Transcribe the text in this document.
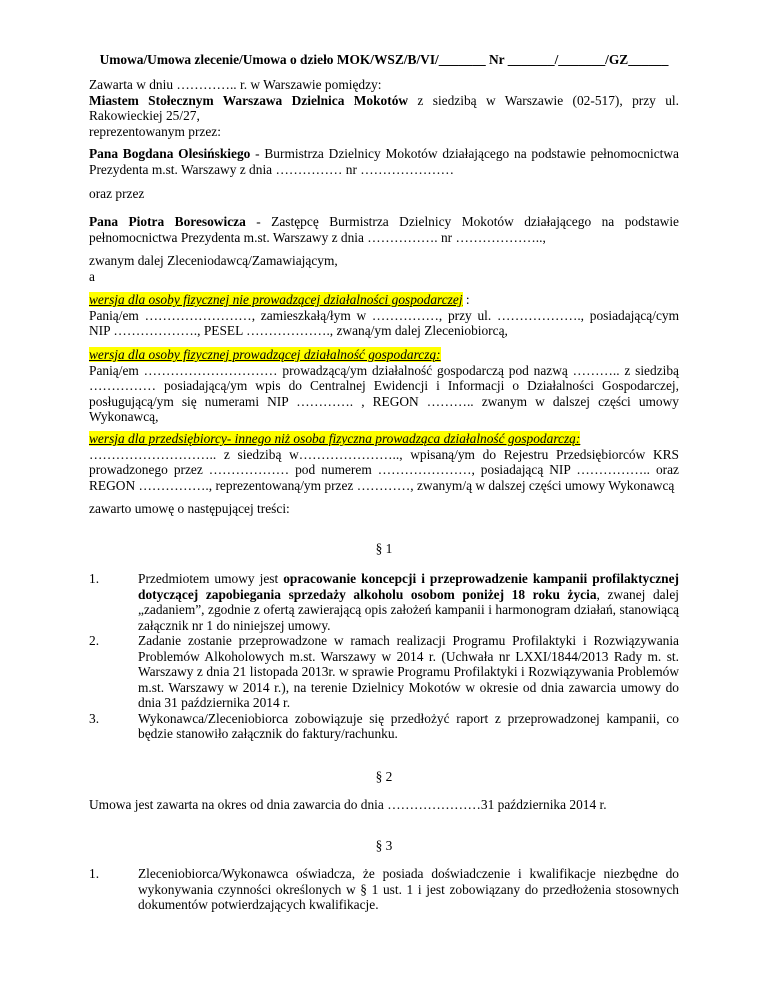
Umowa/Umowa zlecenie/Umowa o dzieło MOK/WSZ/B/VI/_______ Nr _______/_______/GZ______

Zawarta w dniu ………….. r. w Warszawie pomiędzy:

Miastem Stołecznym Warszawa Dzielnica Mokotów z siedzibą w Warszawie (02-517), przy ul. Rakowieckiej 25/27,

reprezentowanym przez:

Pana Bogdana Olesińskiego - Burmistrza Dzielnicy Mokotów działającego na podstawie pełnomocnictwa Prezydenta m.st. Warszawy z dnia …………… nr …………………

oraz przez

Pana Piotra Boresowicza - Zastępcę Burmistrza Dzielnicy Mokotów działającego na podstawie pełnomocnictwa Prezydenta m.st. Warszawy z dnia ……………. nr ………………..,

zwanym dalej Zleceniodawcą/Zamawiającym,

a

wersja dla osoby fizycznej nie prowadzącej działalności gospodarczej :

Panią/em ……………………, zamieszkałą/łym w ……………, przy ul. ………………., posiadającą/cym NIP ………………., PESEL ………………., zwaną/ym dalej Zleceniobiorcą,

wersja dla osoby fizycznej prowadzącej działalność gospodarczą:

Panią/em ………………………… prowadzącą/ym działalność gospodarczą pod nazwą ……….. z siedzibą …………… posiadającą/ym wpis do Centralnej Ewidencji i Informacji o Działalności Gospodarczej, posługującą/ym się numerami NIP …………. , REGON ……….. zwanym w dalszej części umowy Wykonawcą,

wersja dla przedsiębiorcy- innego niż osoba fizyczna prowadząca działalność gospodarczą:

……………………….. z siedzibą w………………….., wpisaną/ym do Rejestru Przedsiębiorców KRS prowadzonego przez ……………… pod numerem …………………, posiadającą NIP …………….. oraz REGON ……………., reprezentowaną/ym przez …………, zwanym/ą w dalszej części umowy Wykonawcą

zawarto umowę o następującej treści:
§ 1
1.	Przedmiotem umowy jest opracowanie koncepcji i przeprowadzenie kampanii profilaktycznej dotyczącej zapobiegania sprzedaży alkoholu osobom poniżej 18 roku życia, zwanej dalej „zadaniem”, zgodnie z ofertą zawierającą opis założeń kampanii i harmonogram działań, stanowiącą załącznik nr 1 do niniejszej umowy.
2.	Zadanie zostanie przeprowadzone w ramach realizacji Programu Profilaktyki i Rozwiązywania Problemów Alkoholowych m.st. Warszawy w 2014 r. (Uchwała nr LXXI/1844/2013 Rady m. st. Warszawy z dnia 21 listopada 2013r. w sprawie Programu Profilaktyki i Rozwiązywania Problemów m.st. Warszawy w 2014 r.), na terenie Dzielnicy Mokotów w okresie od dnia zawarcia umowy do dnia 31 października 2014 r.
3.	Wykonawca/Zleceniobiorca zobowiązuje się przedłożyć raport z przeprowadzonej kampanii, co będzie stanowiło załącznik do faktury/rachunku.
§ 2
Umowa jest zawarta na okres od dnia zawarcia do dnia …………………31 października 2014 r.
§ 3
1.	Zleceniobiorca/Wykonawca oświadcza, że posiada doświadczenie i kwalifikacje niezbędne do wykonywania czynności określonych w § 1 ust. 1 i jest zobowiązany do przedłożenia stosownych dokumentów potwierdzających kwalifikacje.
